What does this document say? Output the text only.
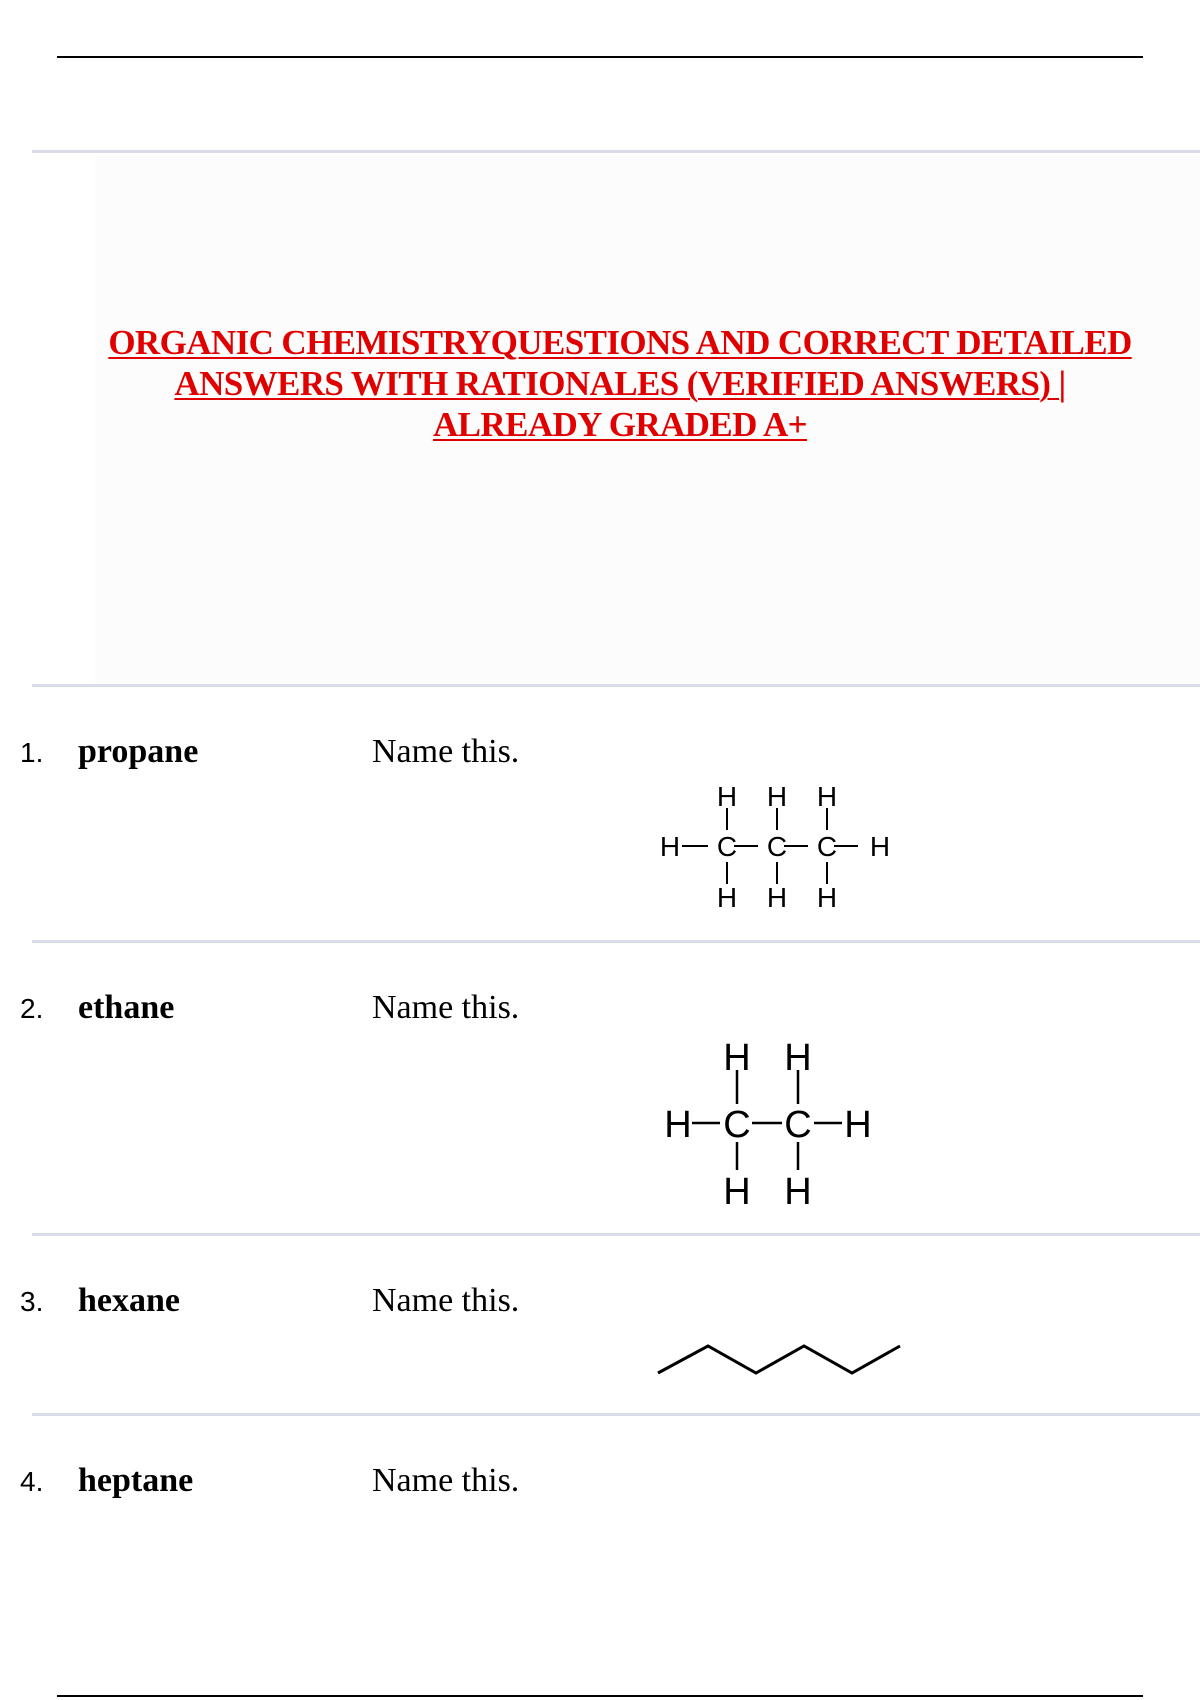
ORGANIC CHEMISTRYQUESTIONS AND CORRECT DETAILED
ANSWERS WITH RATIONALES (VERIFIED ANSWERS) |
ALREADY GRADED A+
1. propane	Name this.
H H H
H C C C H
H H H
2. ethane	Name this.
H H
H C C H
H H
3. hexane	Name this.
4. heptane	Name this.
